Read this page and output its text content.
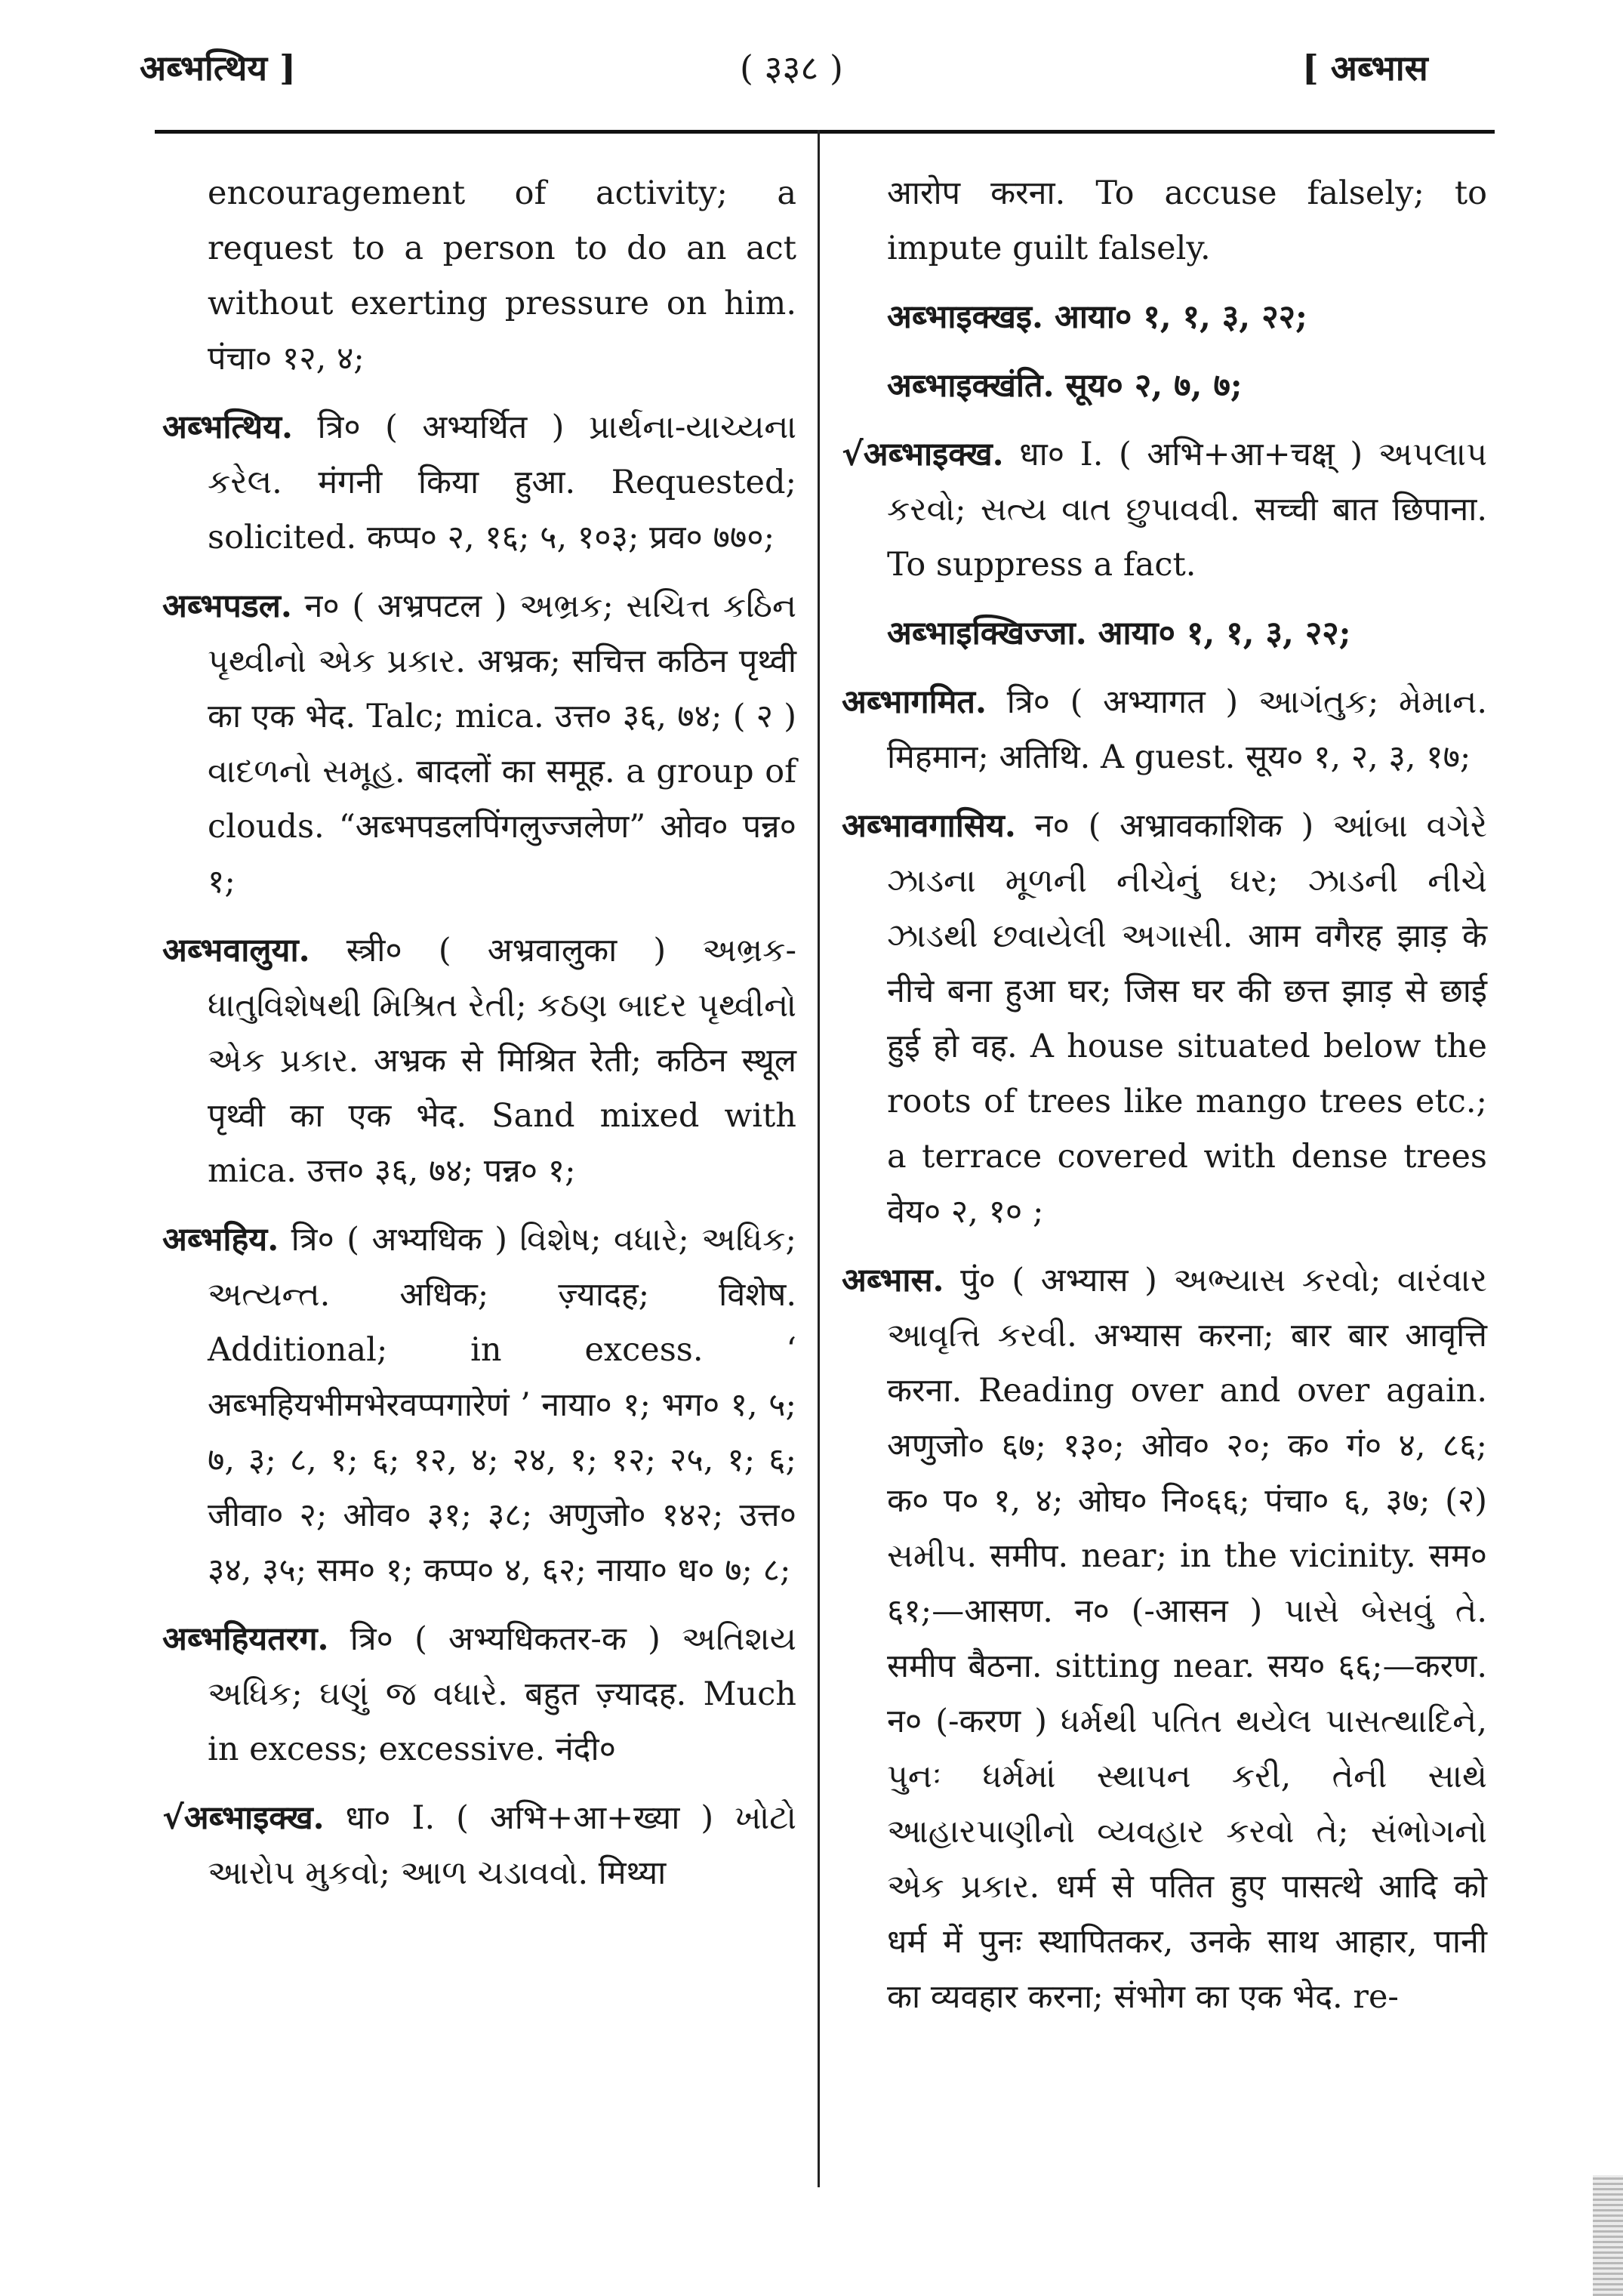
अब्भत्थिय ]	( ३३८ )	[ अब्भास

encouragement of activity; a request to a person to do an act without exerting pressure on him. पंचा० १२, ४;

अब्भत्थिय. त्रि० ( अभ्यर्थित ) પ્રાર્થના-યાચ્યના કરેલ. मंगनी किया हुआ. Requested; solicited. कप्प० २, १६; ५, १०३; प्रव० ७७०;

अब्भपडल. न० ( अभ्रपटल ) અભ્રક; સચિત્ત કઠિન પૃથ્વીનો એક પ્રકાર. अभ्रक; सचित्त कठिन पृथ्वी का एक भेद. Talc; mica. उत्त० ३६, ७४; ( २ ) વાદળનો સમૂહ. बादलों का समूह. a group of clouds. “अब्भपडलपिंगलुज्जलेण” ओव० पन्न० १;

अब्भवालुया. स्त्री० ( अभ्रवालुका ) અભ્રક-ધાતુવિશેષથી મિશ્રિત રેતી; કઠણ બાદર પૃથ્વીનો એક પ્રકાર. अभ्रक से मिश्रित रेती; कठिन स्थूल पृथ्वी का एक भेद. Sand mixed with mica. उत्त० ३६, ७४; पन्न० १;

अब्भहिय. त्रि० ( अभ्यधिक ) વિશેષ; વધારે; અધિક; અત્યન્ત. अधिक; ज़्यादह; विशेष. Additional; in excess. ‘ अब्भहियभीमभेरवप्पगारेणं ’ नाया० १; भग० १, ५; ७, ३; ८, १; ६; १२, ४; २४, १; १२; २५, १; ६; जीवा० २; ओव० ३१; ३८; अणुजो० १४२; उत्त० ३४, ३५; सम० १; कप्प० ४, ६२; नाया० ध० ७; ८;

अब्भहियतरग. त्रि० ( अभ्यधिकतर-क ) અતિશય અધિક; ઘણું જ વધારે. बहुत ज़्यादह. Much in excess; excessive. नंदी०

√अब्भाइक्ख. धा० I. ( अभि+आ+ख्या ) ખોટો આરોપ મુકવો; આળ ચડાવવો. मिथ्या

आरोप करना. To accuse falsely; to impute guilt falsely.

अब्भाइक्खइ. आया० १, १, ३, २२;

अब्भाइक्खंति. सूय० २, ७, ७;

√अब्भाइक्ख. धा० I. ( अभि+आ+चक्ष् ) અપલાપ કરવો; સત્ય વાત છુપાવવી. सच्ची बात छिपाना. To suppress a fact.

अब्भाइक्खिज्जा. आया० १, १, ३, २२;

अब्भागमित. त्रि० ( अभ्यागत ) આગંતુક; મેમાન. मिहमान; अतिथि. A guest. सूय० १, २, ३, १७;

अब्भावगासिय. न० ( अभ्रावकाशिक ) આંબા વગેરે ઝાડના મૂળની નીચેનું ઘર; ઝાડની નીચે ઝાડથી છવાયેલી અગાસી. आम वगैरह झाड़ के नीचे बना हुआ घर; जिस घर की छत्त झाड़ से छाई हुई हो वह. A house situated below the roots of trees like mango trees etc.; a terrace covered with dense trees वेय० २, १० ;

अब्भास. पुं० ( अभ्यास ) અભ્યાસ કરવો; વારંવાર આવૃત્તિ કરવી. अभ्यास करना; बार बार आवृत्ति करना. Reading over and over again. अणुजो० ६७; १३०; ओव० २०; क० गं० ४, ८६; क० प० १, ४; ओघ० नि०६६; पंचा० ६, ३७; (२) સમીપ. समीप. near; in the vicinity. सम० ६१;—आसण. न० (-आसन ) પાસે બેસવું તે. समीप बैठना. sitting near. सय० ६६;—करण. न० (-करण ) ધર્મથી પતિત થયેલ પાસત્થાદિને, પુનઃ ધર્મમાં સ્થાપન કરી, તેની સાથે આહારપાણીનો વ્યવહાર કરવો તે; સંભોગનો એક પ્રકાર. धर्म से पतित हुए पासत्थे आदि को धर्म में पुनः स्थापितकर, उनके साथ आहार, पानी का व्यवहार करना; संभोग का एक भेद. re-
